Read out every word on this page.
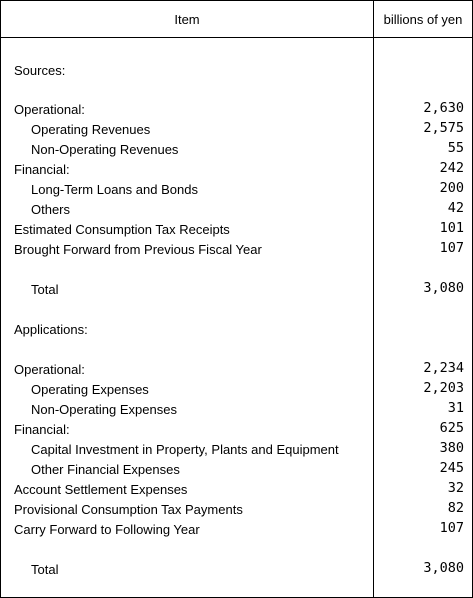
Item	billions of yen
Sources:
Operational:	2,630
Operating Revenues	2,575
Non-Operating Revenues	55
Financial:	242
Long-Term Loans and Bonds	200
Others	42
Estimated Consumption Tax Receipts	101
Brought Forward from Previous Fiscal Year	107
Total	3,080
Applications:
Operational:	2,234
Operating Expenses	2,203
Non-Operating Expenses	31
Financial:	625
Capital Investment in Property, Plants and Equipment	380
Other Financial Expenses	245
Account Settlement Expenses	32
Provisional Consumption Tax Payments	82
Carry Forward to Following Year	107
Total	3,080
